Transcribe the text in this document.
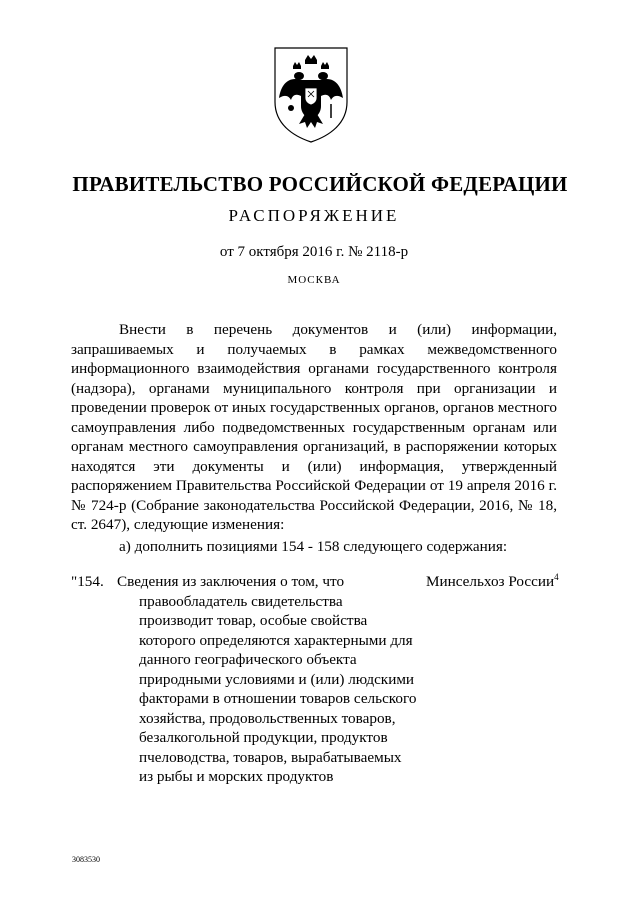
ПРАВИТЕЛЬСТВО РОССИЙСКОЙ ФЕДЕРАЦИИ
РАСПОРЯЖЕНИЕ
от 7 октября 2016 г. № 2118-р
МОСКВА

Внести в перечень документов и (или) информации, запрашиваемых и получаемых в рамках межведомственного информационного взаимодействия органами государственного контроля (надзора), органами муниципального контроля при организации и проведении проверок от иных государственных органов, органов местного самоуправления либо подведомственных государственным органам или органам местного самоуправления организаций, в распоряжении которых находятся эти документы и (или) информация, утвержденный распоряжением Правительства Российской Федерации от 19 апреля 2016 г. № 724-р (Собрание законодательства Российской Федерации, 2016, № 18, ст. 2647), следующие изменения:

а) дополнить позициями 154 - 158 следующего содержания:
"154. Сведения из заключения о том, что правообладатель свидетельства производит товар, особые свойства которого определяются характерными для данного географического объекта природными условиями и (или) людскими факторами в отношении товаров сельского хозяйства, продовольственных товаров, безалкогольной продукции, продуктов пчеловодства, товаров, вырабатываемых из рыбы и морских продуктов
Минсельхоз России$^4$
3083530
